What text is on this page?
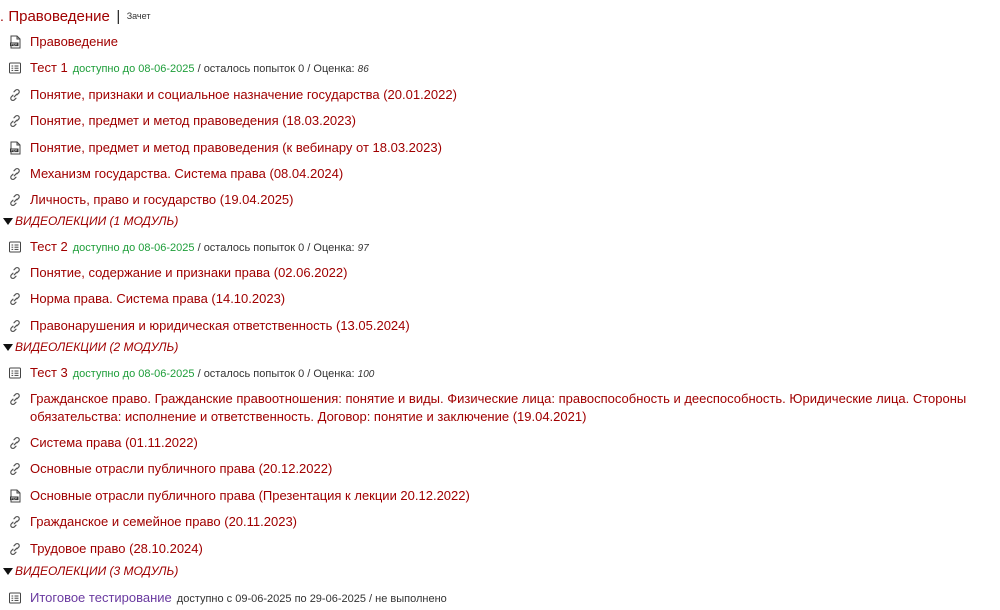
. Правоведение | Зачет
PDF Правоведение
Тест 1 доступно до 08-06-2025 / осталось попыток 0 / Оценка: 86
Понятие, признаки и социальное назначение государства (20.01.2022)
Понятие, предмет и метод правоведения (18.03.2023)
PDF Понятие, предмет и метод правоведения (к вебинару от 18.03.2023)
Механизм государства. Система права (08.04.2024)
Личность, право и государство (19.04.2025)
ВИДЕОЛЕКЦИИ (1 МОДУЛЬ)
Тест 2 доступно до 08-06-2025 / осталось попыток 0 / Оценка: 97
Понятие, содержание и признаки права (02.06.2022)
Норма права. Система права (14.10.2023)
Правонарушения и юридическая ответственность (13.05.2024)
ВИДЕОЛЕКЦИИ (2 МОДУЛЬ)
Тест 3 доступно до 08-06-2025 / осталось попыток 0 / Оценка: 100
Гражданское право. Гражданские правоотношения: понятие и виды. Физические лица: правоспособность и дееспособность. Юридические лица. Стороны обязательства: исполнение и ответственность. Договор: понятие и заключение (19.04.2021)
Система права (01.11.2022)
Основные отрасли публичного права (20.12.2022)
PDF Основные отрасли публичного права (Презентация к лекции 20.12.2022)
Гражданское и семейное право (20.11.2023)
Трудовое право (28.10.2024)
ВИДЕОЛЕКЦИИ (3 МОДУЛЬ)
Итоговое тестирование доступно с 09-06-2025 по 29-06-2025 / не выполнено
